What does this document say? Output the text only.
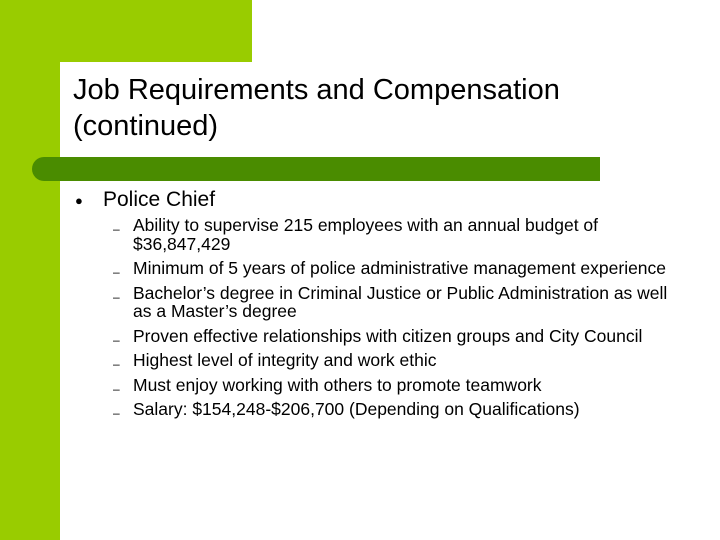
Job Requirements and Compensation (continued)
● Police Chief
– Ability to supervise 215 employees with an annual budget of $36,847,429
– Minimum of 5 years of police administrative management experience
– Bachelor’s degree in Criminal Justice or Public Administration as well as a Master’s degree
– Proven effective relationships with citizen groups and City Council
– Highest level of integrity and work ethic
– Must enjoy working with others to promote teamwork
– Salary: $154,248-$206,700 (Depending on Qualifications)
